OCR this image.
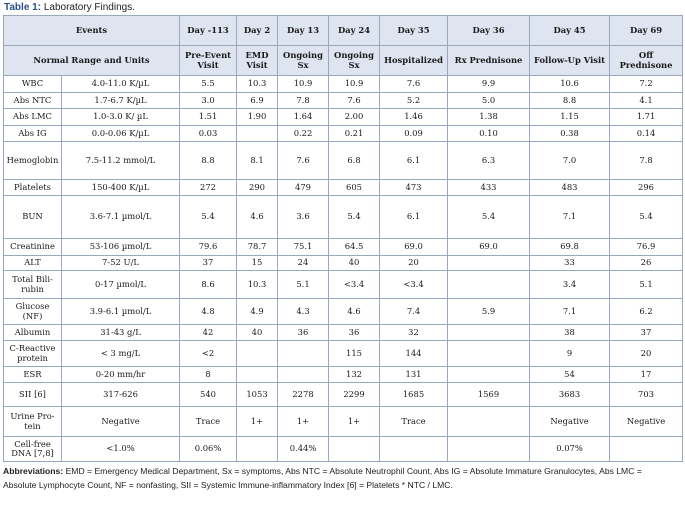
Table 1: Laboratory Findings.
Events		Day -113	Day 2	Day 13	Day 24	Day 35	Day 36	Day 45	Day 69
Normal Range and Units		Pre-Event Visit	EMD Visit	Ongoing Sx	Ongoing Sx	Hospitalized	Rx Prednisone	Follow-Up Visit	Off Prednisone
WBC	4.0-11.0 K/µL	5.5	10.3	10.9	10.9	7.6	9.9	10.6	7.2
Abs NTC	1.7-6.7 K/µL	3.0	6.9	7.8	7.6	5.2	5.0	8.8	4.1
Abs LMC	1.0-3.0 K/ µL	1.51	1.90	1.64	2.00	1.46	1.38	1.15	1.71
Abs IG	0.0-0.06 K/µL	0.03		0.22	0.21	0.09	0.10	0.38	0.14
Hemoglobin	7.5-11.2 mmol/L	8.8	8.1	7.6	6.8	6.1	6.3	7.0	7.8
Platelets	150-400 K/µL	272	290	479	605	473	433	483	296
BUN	3.6-7.1 µmol/L	5.4	4.6	3.6	5.4	6.1	5.4	7.1	5.4
Creatinine	53-106 µmol/L	79.6	78.7	75.1	64.5	69.0	69.0	69.8	76.9
ALT	7-52 U/L	37	15	24	40	20		33	26
Total Bili-rubin	0-17 µmol/L	8.6	10.3	5.1	<3.4	<3.4		3.4	5.1
Glucose (NF)	3.9-6.1 µmol/L	4.8	4.9	4.3	4.6	7.4	5.9	7.1	6.2
Albumin	31-43 g/L	42	40	36	36	32		38	37
C-Reactive protein	< 3 mg/L	<2			115	144		9	20
ESR	0-20 mm/hr	8			132	131		54	17
SII [6]	317-626	540	1053	2278	2299	1685	1569	3683	703
Urine Pro-tein	Negative	Trace	1+	1+	1+	Trace		Negative	Negative
Cell-free DNA [7,8]	<1.0%	0.06%		0.44%				0.07%	
Abbreviations: EMD = Emergency Medical Department, Sx = symptoms, Abs NTC = Absolute Neutrophil Count, Abs IG = Absolute Immature Granulocytes, Abs LMC = Absolute Lymphocyte Count, NF = nonfasting, SII = Systemic Immune-inflammatory Index [6] = Platelets * NTC / LMC.
